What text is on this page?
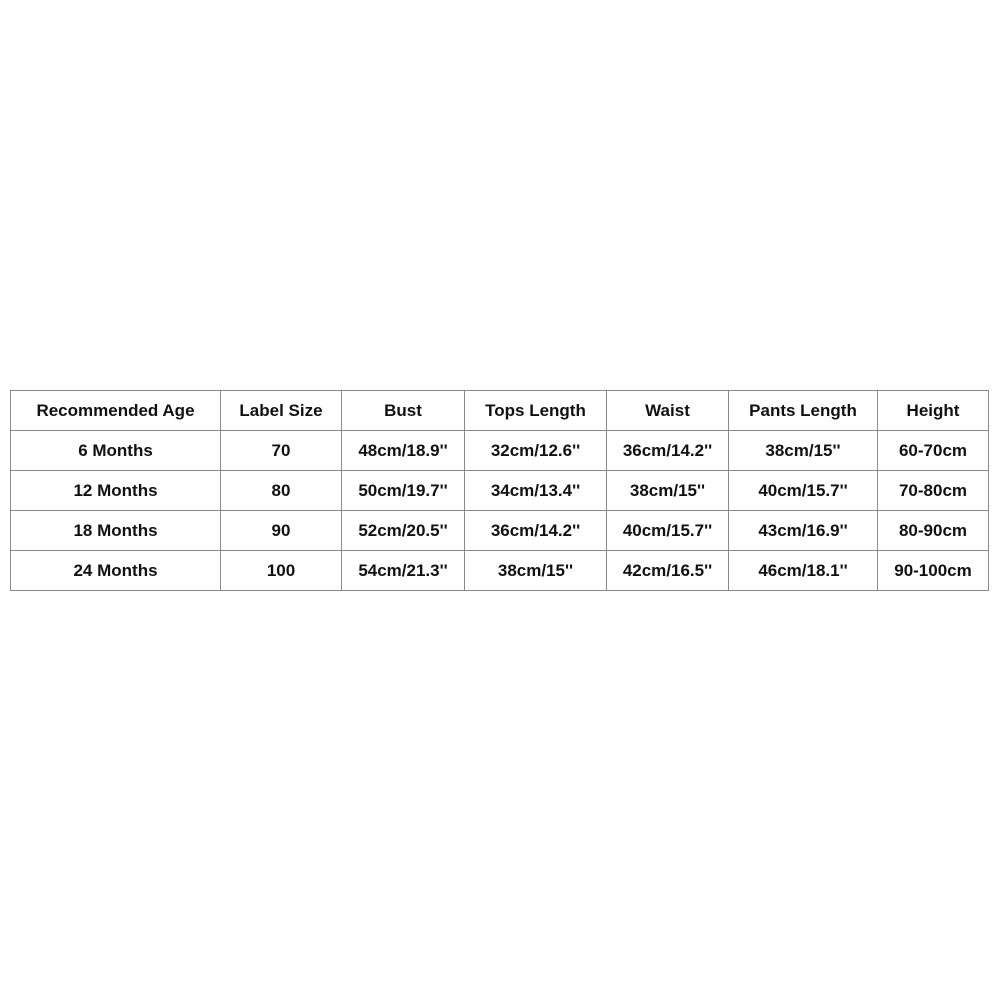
Recommended Age	Label Size	Bust	Tops Length	Waist	Pants Length	Height
6 Months	70	48cm/18.9''	32cm/12.6''	36cm/14.2''	38cm/15''	60-70cm
12 Months	80	50cm/19.7''	34cm/13.4''	38cm/15''	40cm/15.7''	70-80cm
18 Months	90	52cm/20.5''	36cm/14.2''	40cm/15.7''	43cm/16.9''	80-90cm
24 Months	100	54cm/21.3''	38cm/15''	42cm/16.5''	46cm/18.1''	90-100cm
